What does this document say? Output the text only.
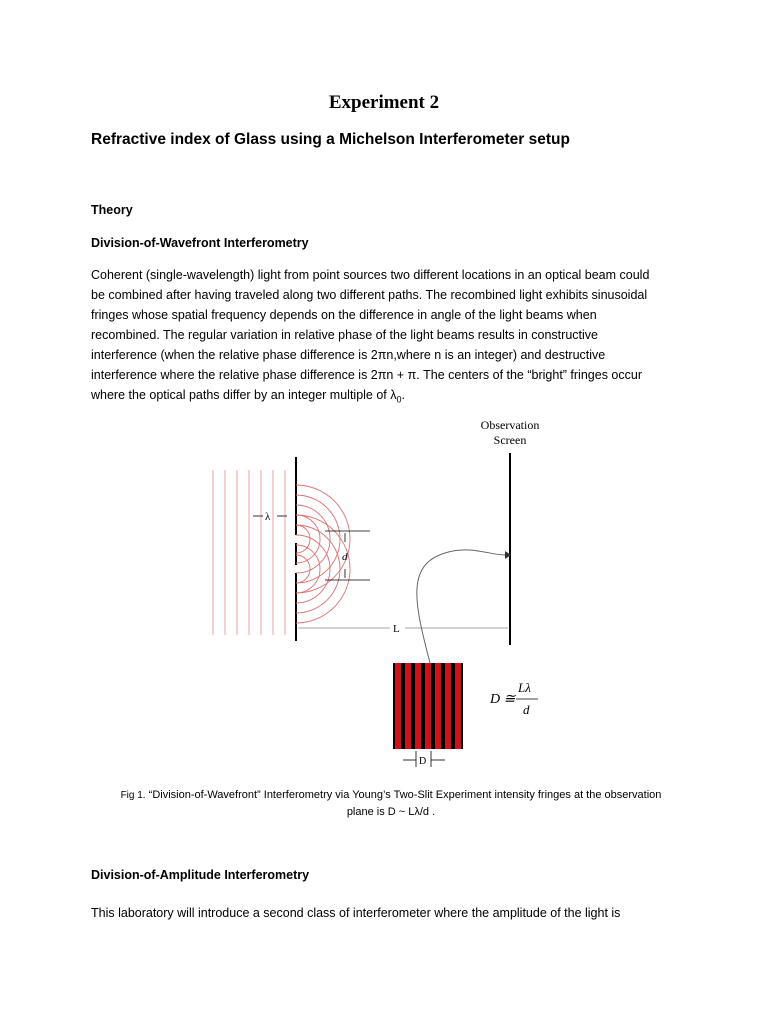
Experiment 2
Refractive index of Glass using a Michelson Interferometer setup
Theory
Division-of-Wavefront Interferometry
Coherent (single-wavelength) light from point sources two different locations in an optical beam could
be combined after having traveled along two different paths. The recombined light exhibits sinusoidal
fringes whose spatial frequency depends on the difference in angle of the light beams when
recombined. The regular variation in relative phase of the light beams results in constructive
interference (when the relative phase difference is 2πn,where n is an integer) and destructive
interference where the relative phase difference is 2πn + π. The centers of the “bright” fringes occur
where the optical paths differ by an integer multiple of $\lambda_0$.
λ
d
Observation
Screen
L
D
D ≅
Lλ
d
Fig 1. “Division-of-Wavefront” Interferometry via Young’s Two-Slit Experiment intensity fringes at the observation
plane is D ~ Lλ/d .
Division-of-Amplitude Interferometry
This laboratory will introduce a second class of interferometer where the amplitude of the light is
